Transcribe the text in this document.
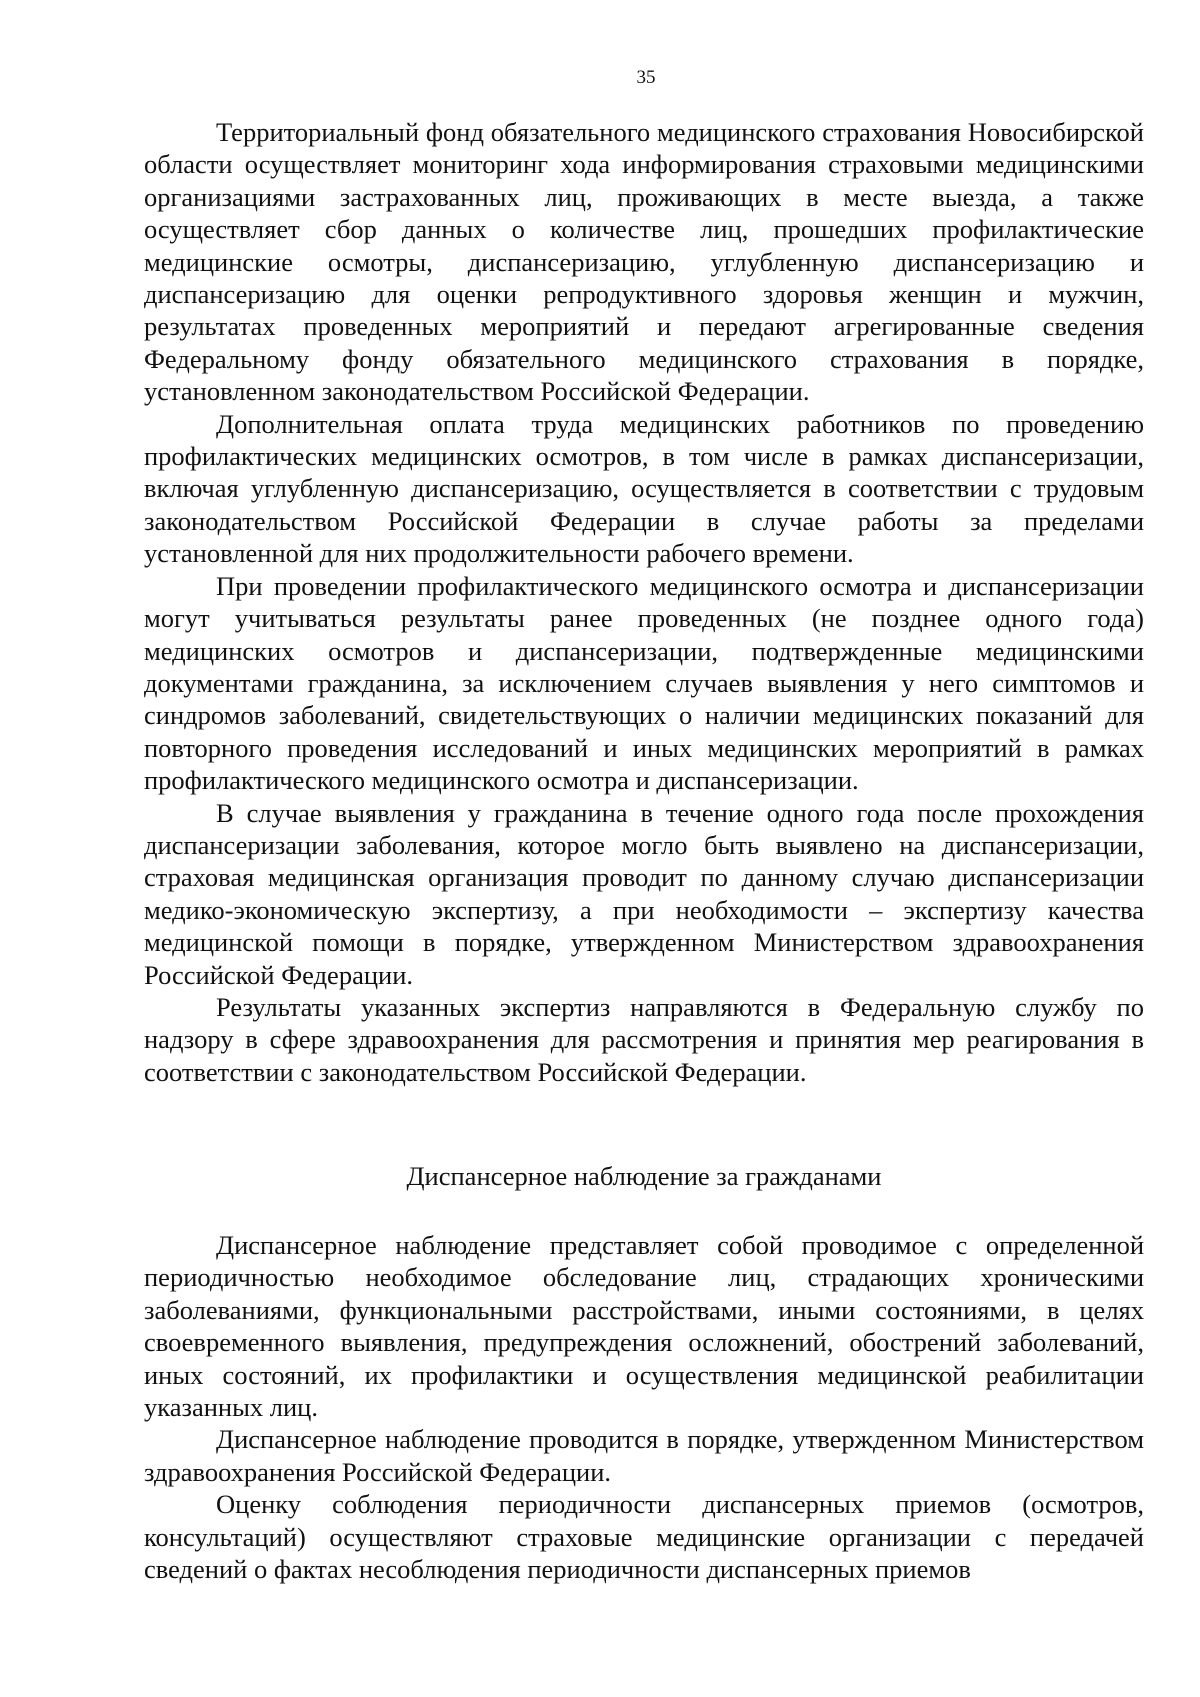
35

Территориальный фонд обязательного медицинского страхования Новосибирской области осуществляет мониторинг хода информирования страховыми медицинскими организациями застрахованных лиц, проживающих в месте выезда, а также осуществляет сбор данных о количестве лиц, прошедших профилактические медицинские осмотры, диспансеризацию, углубленную диспансеризацию и диспансеризацию для оценки репродуктивного здоровья женщин и мужчин, результатах проведенных мероприятий и передают агрегированные сведения Федеральному фонду обязательного медицинского страхования в порядке, установленном законодательством Российской Федерации.

Дополнительная оплата труда медицинских работников по проведению профилактических медицинских осмотров, в том числе в рамках диспансеризации, включая углубленную диспансеризацию, осуществляется в соответствии с трудовым законодательством Российской Федерации в случае работы за пределами установленной для них продолжительности рабочего времени.

При проведении профилактического медицинского осмотра и диспансеризации могут учитываться результаты ранее проведенных (не позднее одного года) медицинских осмотров и диспансеризации, подтвержденные медицинскими документами гражданина, за исключением случаев выявления у него симптомов и синдромов заболеваний, свидетельствующих о наличии медицинских показаний для повторного проведения исследований и иных медицинских мероприятий в рамках профилактического медицинского осмотра и диспансеризации.

В случае выявления у гражданина в течение одного года после прохождения диспансеризации заболевания, которое могло быть выявлено на диспансеризации, страховая медицинская организация проводит по данному случаю диспансеризации медико-экономическую экспертизу, а при необходимости – экспертизу качества медицинской помощи в порядке, утвержденном Министерством здравоохранения Российской Федерации.

Результаты указанных экспертиз направляются в Федеральную службу по надзору в сфере здравоохранения для рассмотрения и принятия мер реагирования в соответствии с законодательством Российской Федерации.

Диспансерное наблюдение за гражданами

Диспансерное наблюдение представляет собой проводимое с определенной периодичностью необходимое обследование лиц, страдающих хроническими заболеваниями, функциональными расстройствами, иными состояниями, в целях своевременного выявления, предупреждения осложнений, обострений заболеваний, иных состояний, их профилактики и осуществления медицинской реабилитации указанных лиц.

Диспансерное наблюдение проводится в порядке, утвержденном Министерством здравоохранения Российской Федерации.

Оценку соблюдения периодичности диспансерных приемов (осмотров, консультаций) осуществляют страховые медицинские организации с передачей сведений о фактах несоблюдения периодичности диспансерных приемов
